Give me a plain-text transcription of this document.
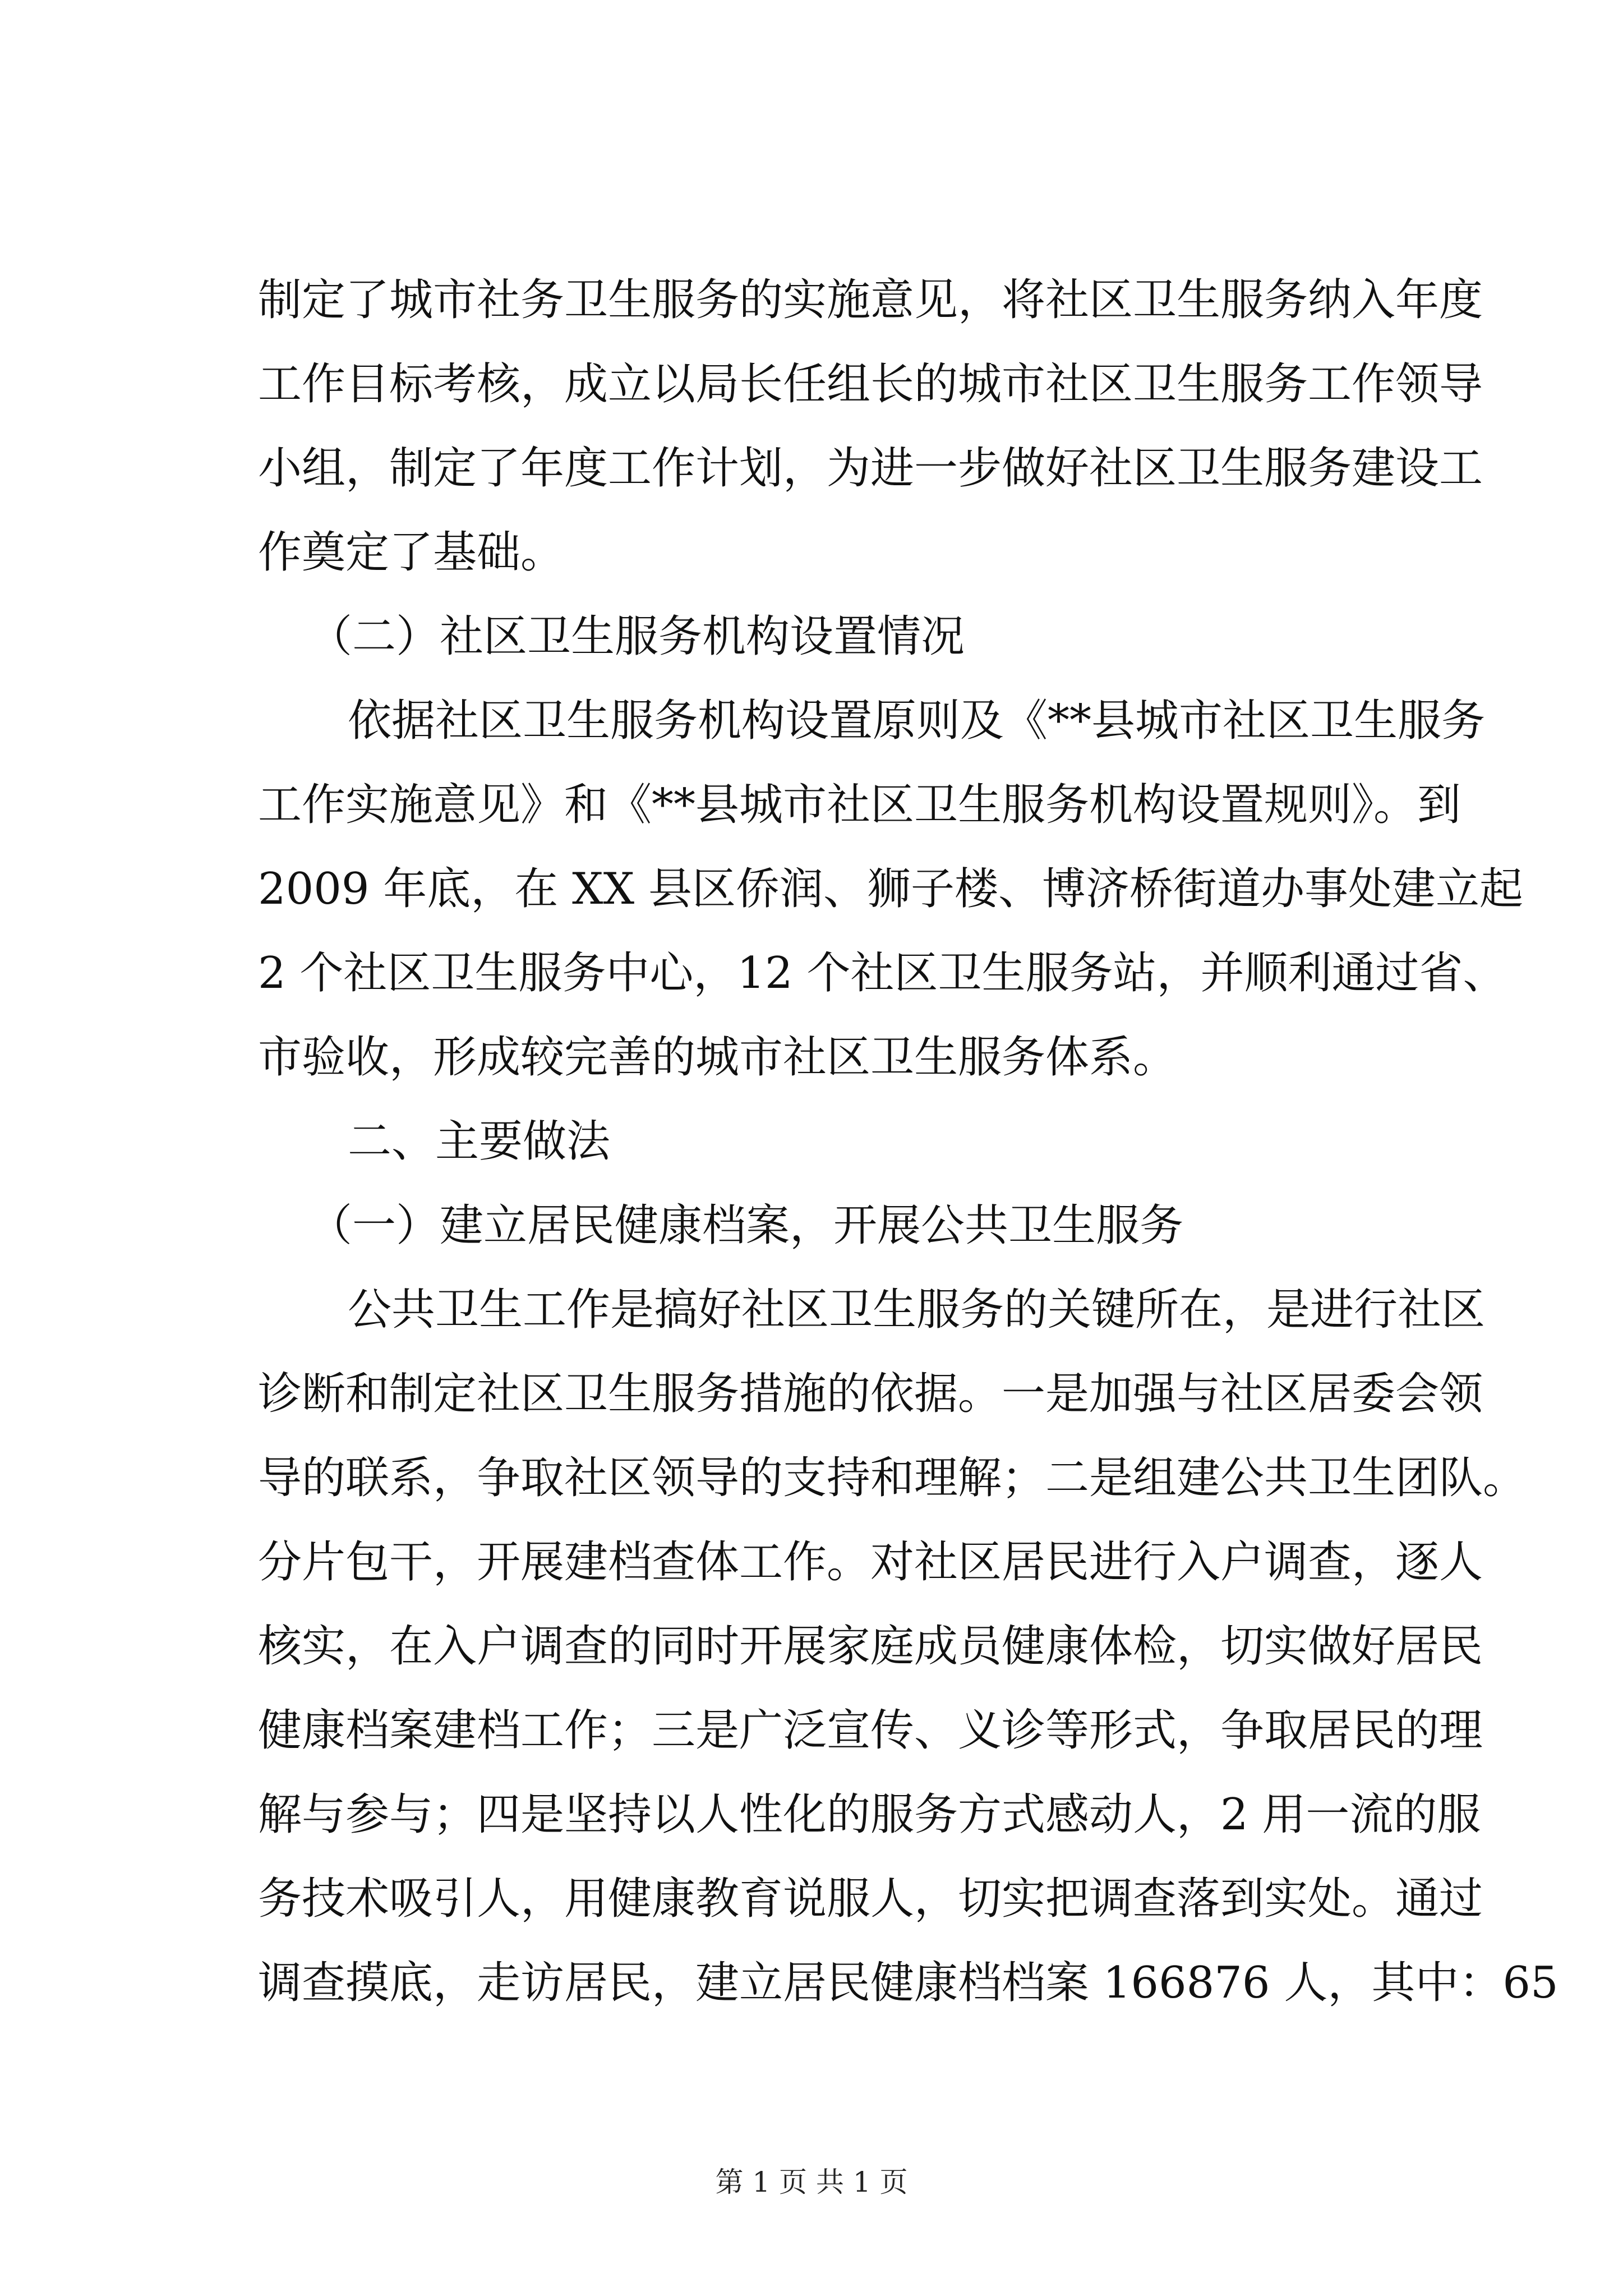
制定了城市社务卫生服务的实施意见，将社区卫生服务纳入年度
工作目标考核，成立以局长任组长的城市社区卫生服务工作领导
小组，制定了年度工作计划，为进一步做好社区卫生服务建设工
作奠定了基础。
（二）社区卫生服务机构设置情况
依据社区卫生服务机构设置原则及《**县城市社区卫生服务
工作实施意见》和《**县城市社区卫生服务机构设置规则》。到
2009 年底，在 XX 县区侨润、狮子楼、博济桥街道办事处建立起
2 个社区卫生服务中心，12 个社区卫生服务站，并顺利通过省、
市验收，形成较完善的城市社区卫生服务体系。
二、主要做法
（一）建立居民健康档案，开展公共卫生服务
公共卫生工作是搞好社区卫生服务的关键所在，是进行社区
诊断和制定社区卫生服务措施的依据。一是加强与社区居委会领
导的联系，争取社区领导的支持和理解；二是组建公共卫生团队。
分片包干，开展建档查体工作。对社区居民进行入户调查，逐人
核实，在入户调查的同时开展家庭成员健康体检，切实做好居民
健康档案建档工作；三是广泛宣传、义诊等形式，争取居民的理
解与参与；四是坚持以人性化的服务方式感动人，2 用一流的服
务技术吸引人，用健康教育说服人，切实把调查落到实处。通过
调查摸底，走访居民，建立居民健康档档案 166876 人，其中：65
第 1 页 共 1 页
